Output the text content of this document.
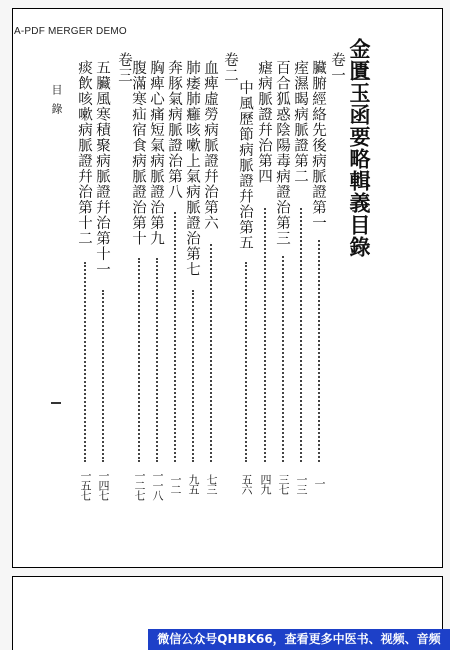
A-PDF MERGER DEMO
金匱玉函要略輯義目錄
卷一
卷二
卷三	臟腑經絡先後病脈證第一
一
痓濕暍病脈證第二
一三
百合狐惑陰陽毒病證治第三
三七
瘧病脈證幷治第四
四九
中風歷節病脈證幷治第五
五六
血痺虛勞病脈證幷治第六
七三
肺痿肺癰咳嗽上氣病脈證治第七
九五
奔豚氣病脈證治第八
一二
胸痺心痛短氣病脈證治第九
一一八
腹滿寒疝宿食病脈證治第十
一二七
五臟風寒積聚病脈證幷治第十一
一四七
痰飲咳嗽病脈證幷治第十二
一五七
目錄
微信公众号QHBK66，查看更多中医书、视频、音频
